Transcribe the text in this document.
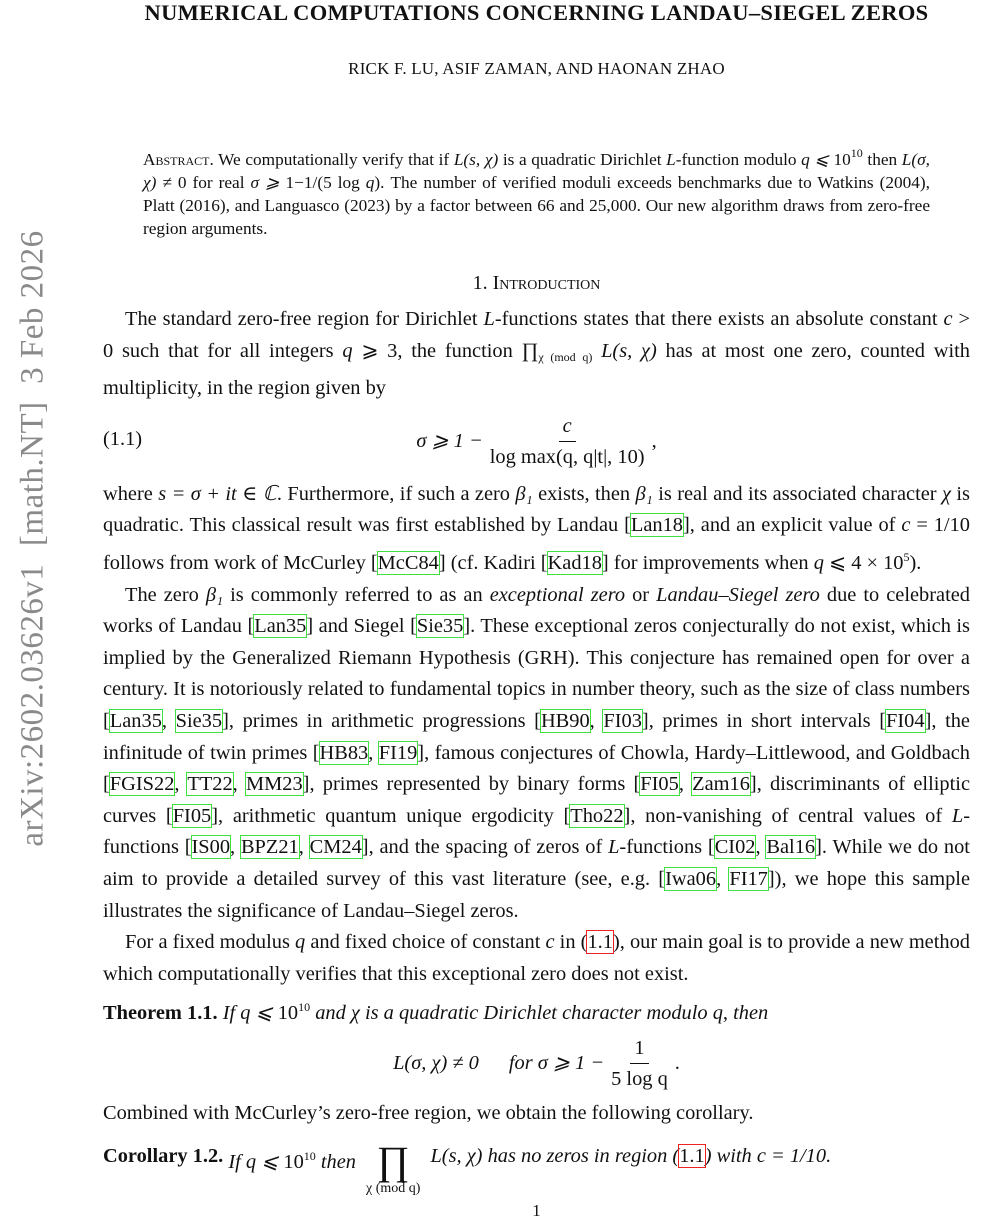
arXiv:2602.03626v1  [math.NT]  3 Feb 2026
NUMERICAL COMPUTATIONS CONCERNING LANDAU–SIEGEL ZEROS
RICK F. LU, ASIF ZAMAN, AND HAONAN ZHAO
Abstract. We computationally verify that if L(s, χ) is a quadratic Dirichlet L-function modulo q ⩽ $10^{10}$ then L(σ, χ) ≠ 0 for real σ ⩾ 1−1/(5 log q). The number of verified moduli exceeds benchmarks due to Watkins (2004), Platt (2016), and Languasco (2023) by a factor between 66 and 25,000. Our new algorithm draws from zero-free region arguments.
1. Introduction

The standard zero-free region for Dirichlet L-functions states that there exists an absolute constant c > 0 such that for all integers q ⩾ 3, the function $\prod_{\chi (mod q)}$ L(s, χ) has at most one zero, counted with multiplicity, in the region given by

(1.1)	σ ⩾ $1 - \frac{c}{\text{log max(q, q|t|, 10)}}$ ,

where s = σ + it ∈ ℂ. Furthermore, if such a zero β₁ exists, then β₁ is real and its associated character χ is quadratic. This classical result was first established by Landau [Lan18], and an explicit value of c = 1/10 follows from work of McCurley [McC84] (cf. Kadiri [Kad18] for improvements when q ⩽ $4 \times 10^5$).

The zero β₁ is commonly referred to as an exceptional zero or Landau–Siegel zero due to celebrated works of Landau [Lan35] and Siegel [Sie35]. These exceptional zeros conjecturally do not exist, which is implied by the Generalized Riemann Hypothesis (GRH). This conjecture has remained open for over a century. It is notoriously related to fundamental topics in number theory, such as the size of class numbers [Lan35, Sie35], primes in arithmetic progressions [HB90, FI03], primes in short intervals [FI04], the infinitude of twin primes [HB83, FI19], famous conjectures of Chowla, Hardy–Littlewood, and Goldbach [FGIS22, TT22, MM23], primes represented by binary forms [FI05, Zam16], discriminants of elliptic curves [FI05], arithmetic quantum unique ergodicity [Tho22], non-vanishing of central values of L-functions [IS00, BPZ21, CM24], and the spacing of zeros of L-functions [CI02, Bal16]. While we do not aim to provide a detailed survey of this vast literature (see, e.g. [Iwa06, FI17]), we hope this sample illustrates the significance of Landau–Siegel zeros.

For a fixed modulus q and fixed choice of constant c in (1.1), our main goal is to provide a new method which computationally verifies that this exceptional zero does not exist.

Theorem 1.1. If q ⩽ $10^{10}$ and χ is a quadratic Dirichlet character modulo q, then

L(σ, χ) ≠ 0 for σ ⩾ $1 - \frac{1}{\text{5 log q}}$ .

Combined with McCurley’s zero-free region, we obtain the following corollary.

Corollary 1.2. If q ⩽ $10^{10}$ then ∏
χ (mod q)
L(s, χ) has no zeros in region (1.1) with c = 1/10.
1
